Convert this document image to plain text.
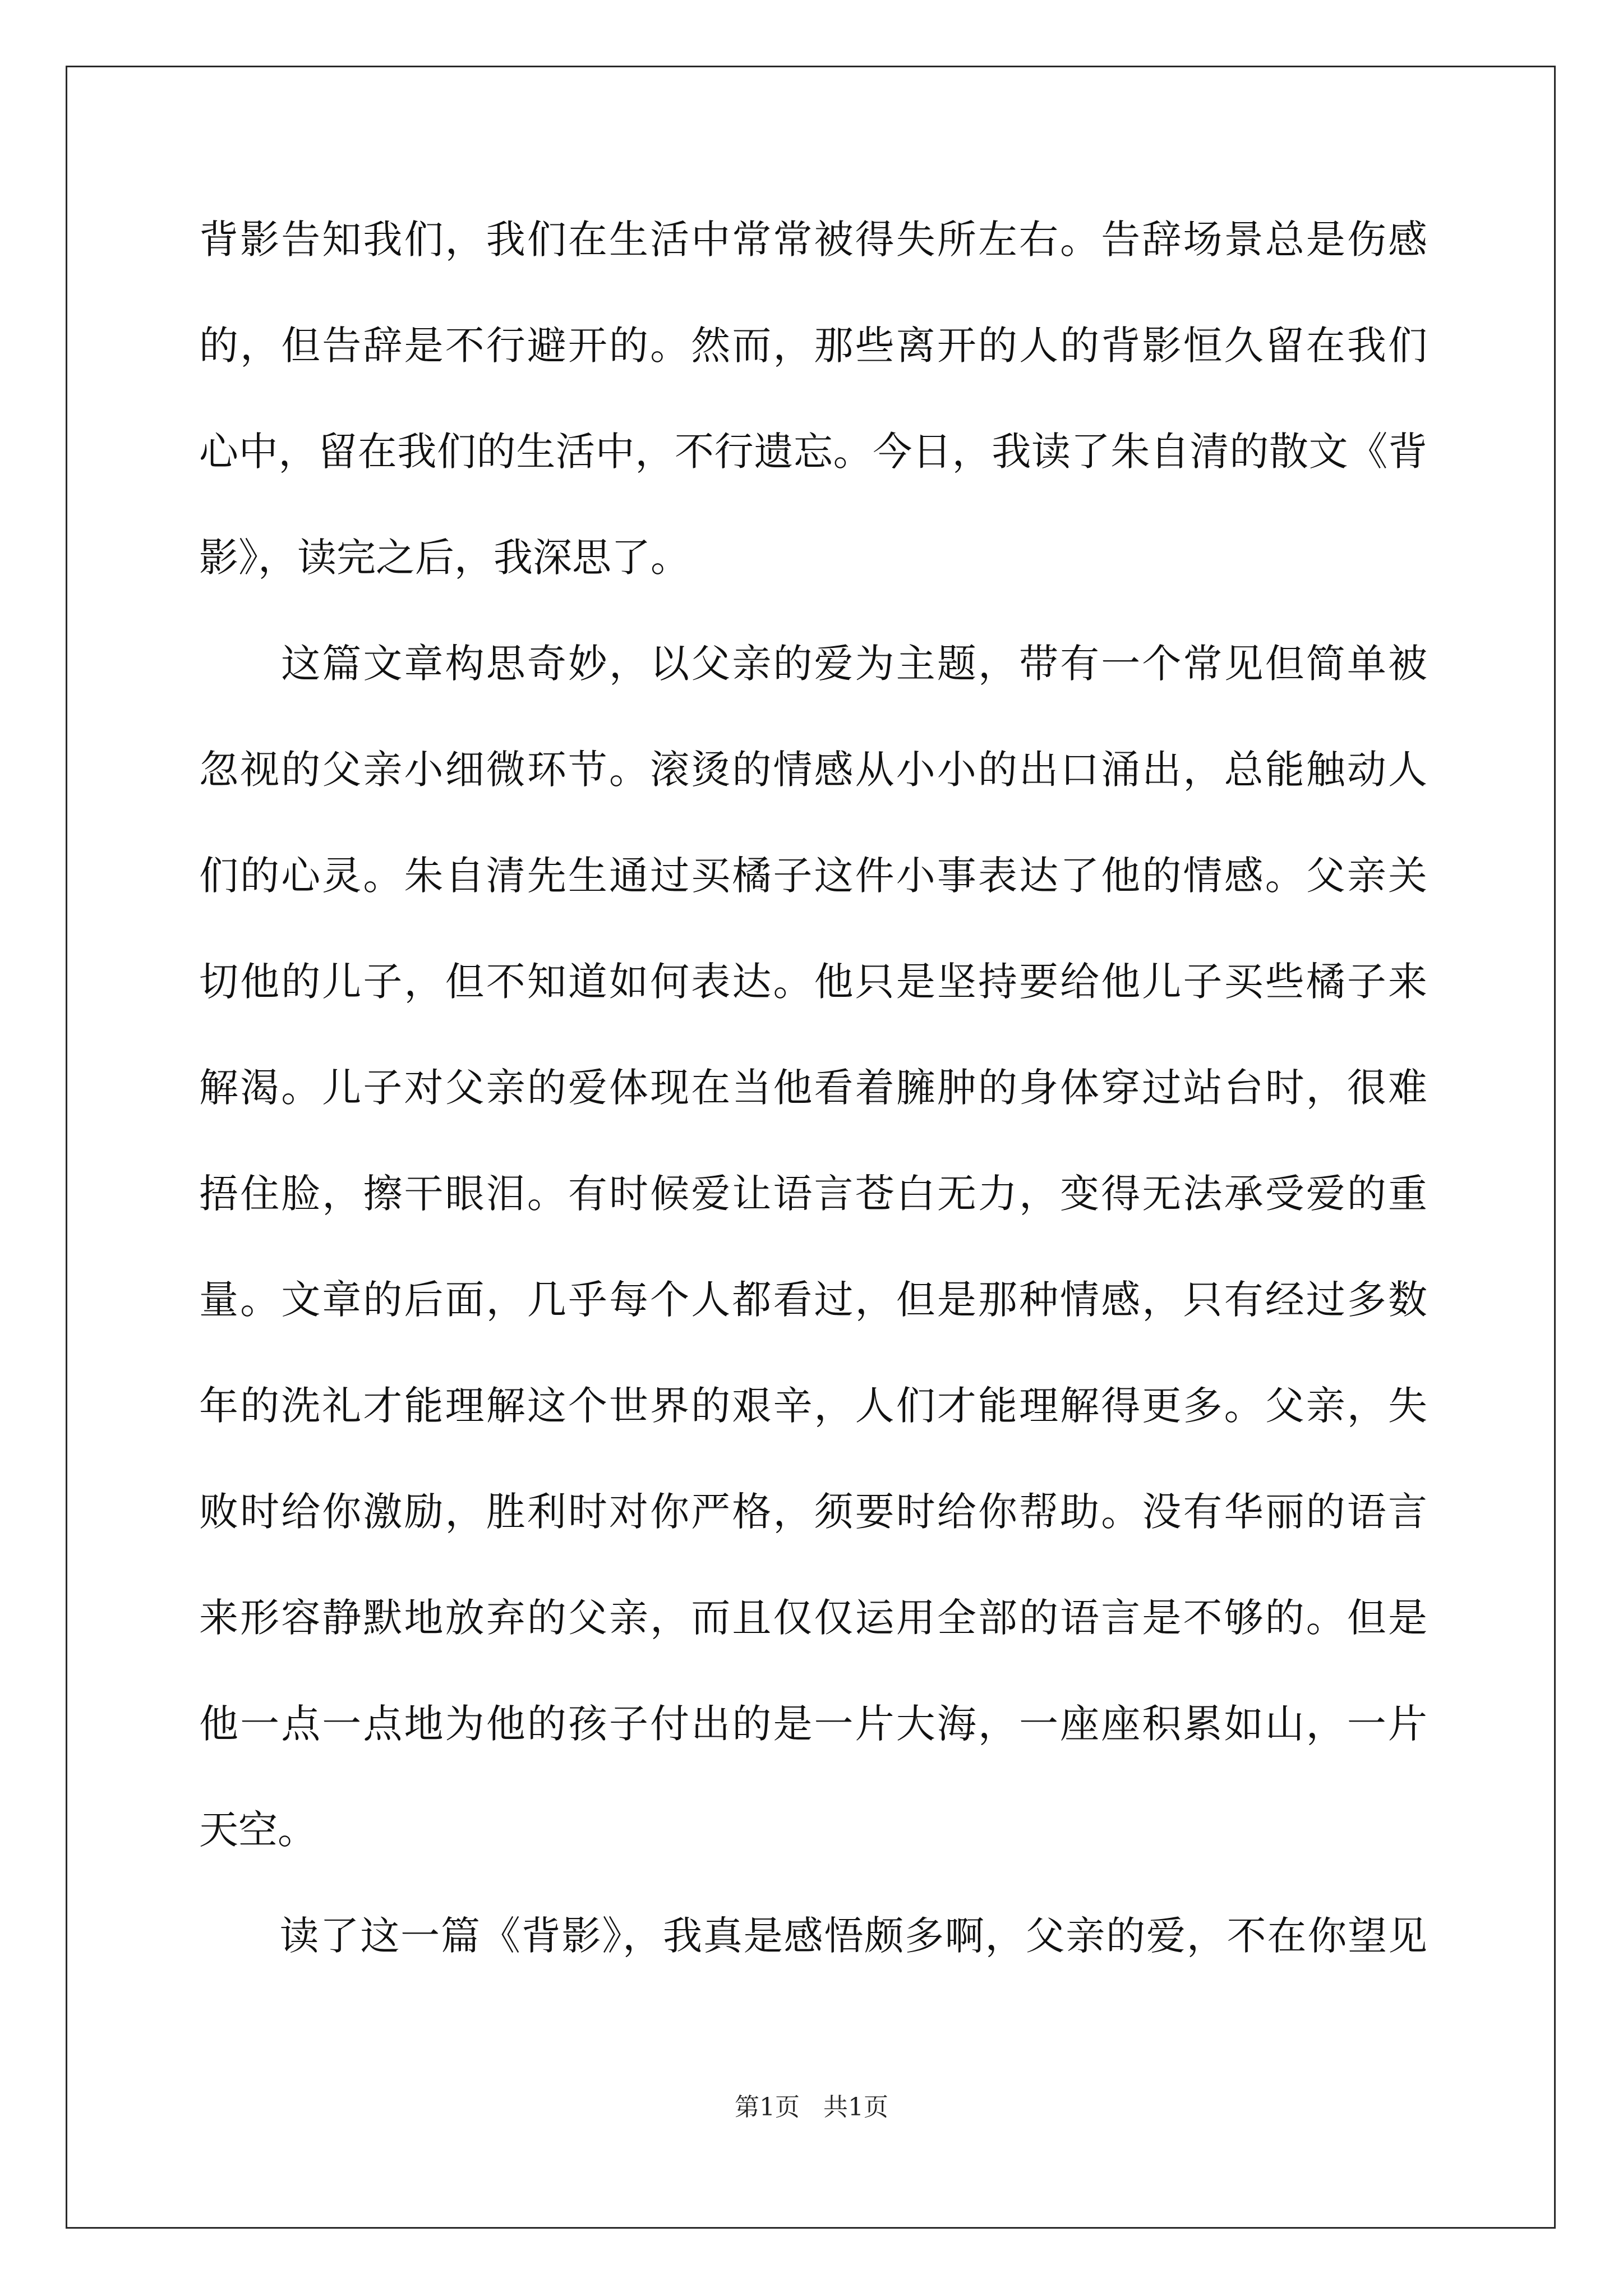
背影告知我们，我们在生活中常常被得失所左右。告辞场景总是伤感
的，但告辞是不行避开的。然而，那些离开的人的背影恒久留在我们
心中，留在我们的生活中，不行遗忘。今日，我读了朱自清的散文《背
影》，读完之后，我深思了。
　　这篇文章构思奇妙，以父亲的爱为主题，带有一个常见但简单被
忽视的父亲小细微环节。滚烫的情感从小小的出口涌出，总能触动人
们的心灵。朱自清先生通过买橘子这件小事表达了他的情感。父亲关
切他的儿子，但不知道如何表达。他只是坚持要给他儿子买些橘子来
解渴。儿子对父亲的爱体现在当他看着臃肿的身体穿过站台时，很难
捂住脸，擦干眼泪。有时候爱让语言苍白无力，变得无法承受爱的重
量。文章的后面，几乎每个人都看过，但是那种情感，只有经过多数
年的洗礼才能理解这个世界的艰辛，人们才能理解得更多。父亲，失
败时给你激励，胜利时对你严格，须要时给你帮助。没有华丽的语言
来形容静默地放弃的父亲，而且仅仅运用全部的语言是不够的。但是
他一点一点地为他的孩子付出的是一片大海，一座座积累如山，一片
天空。
　　读了这一篇《背影》，我真是感悟颇多啊，父亲的爱，不在你望见
第1页 共1页
